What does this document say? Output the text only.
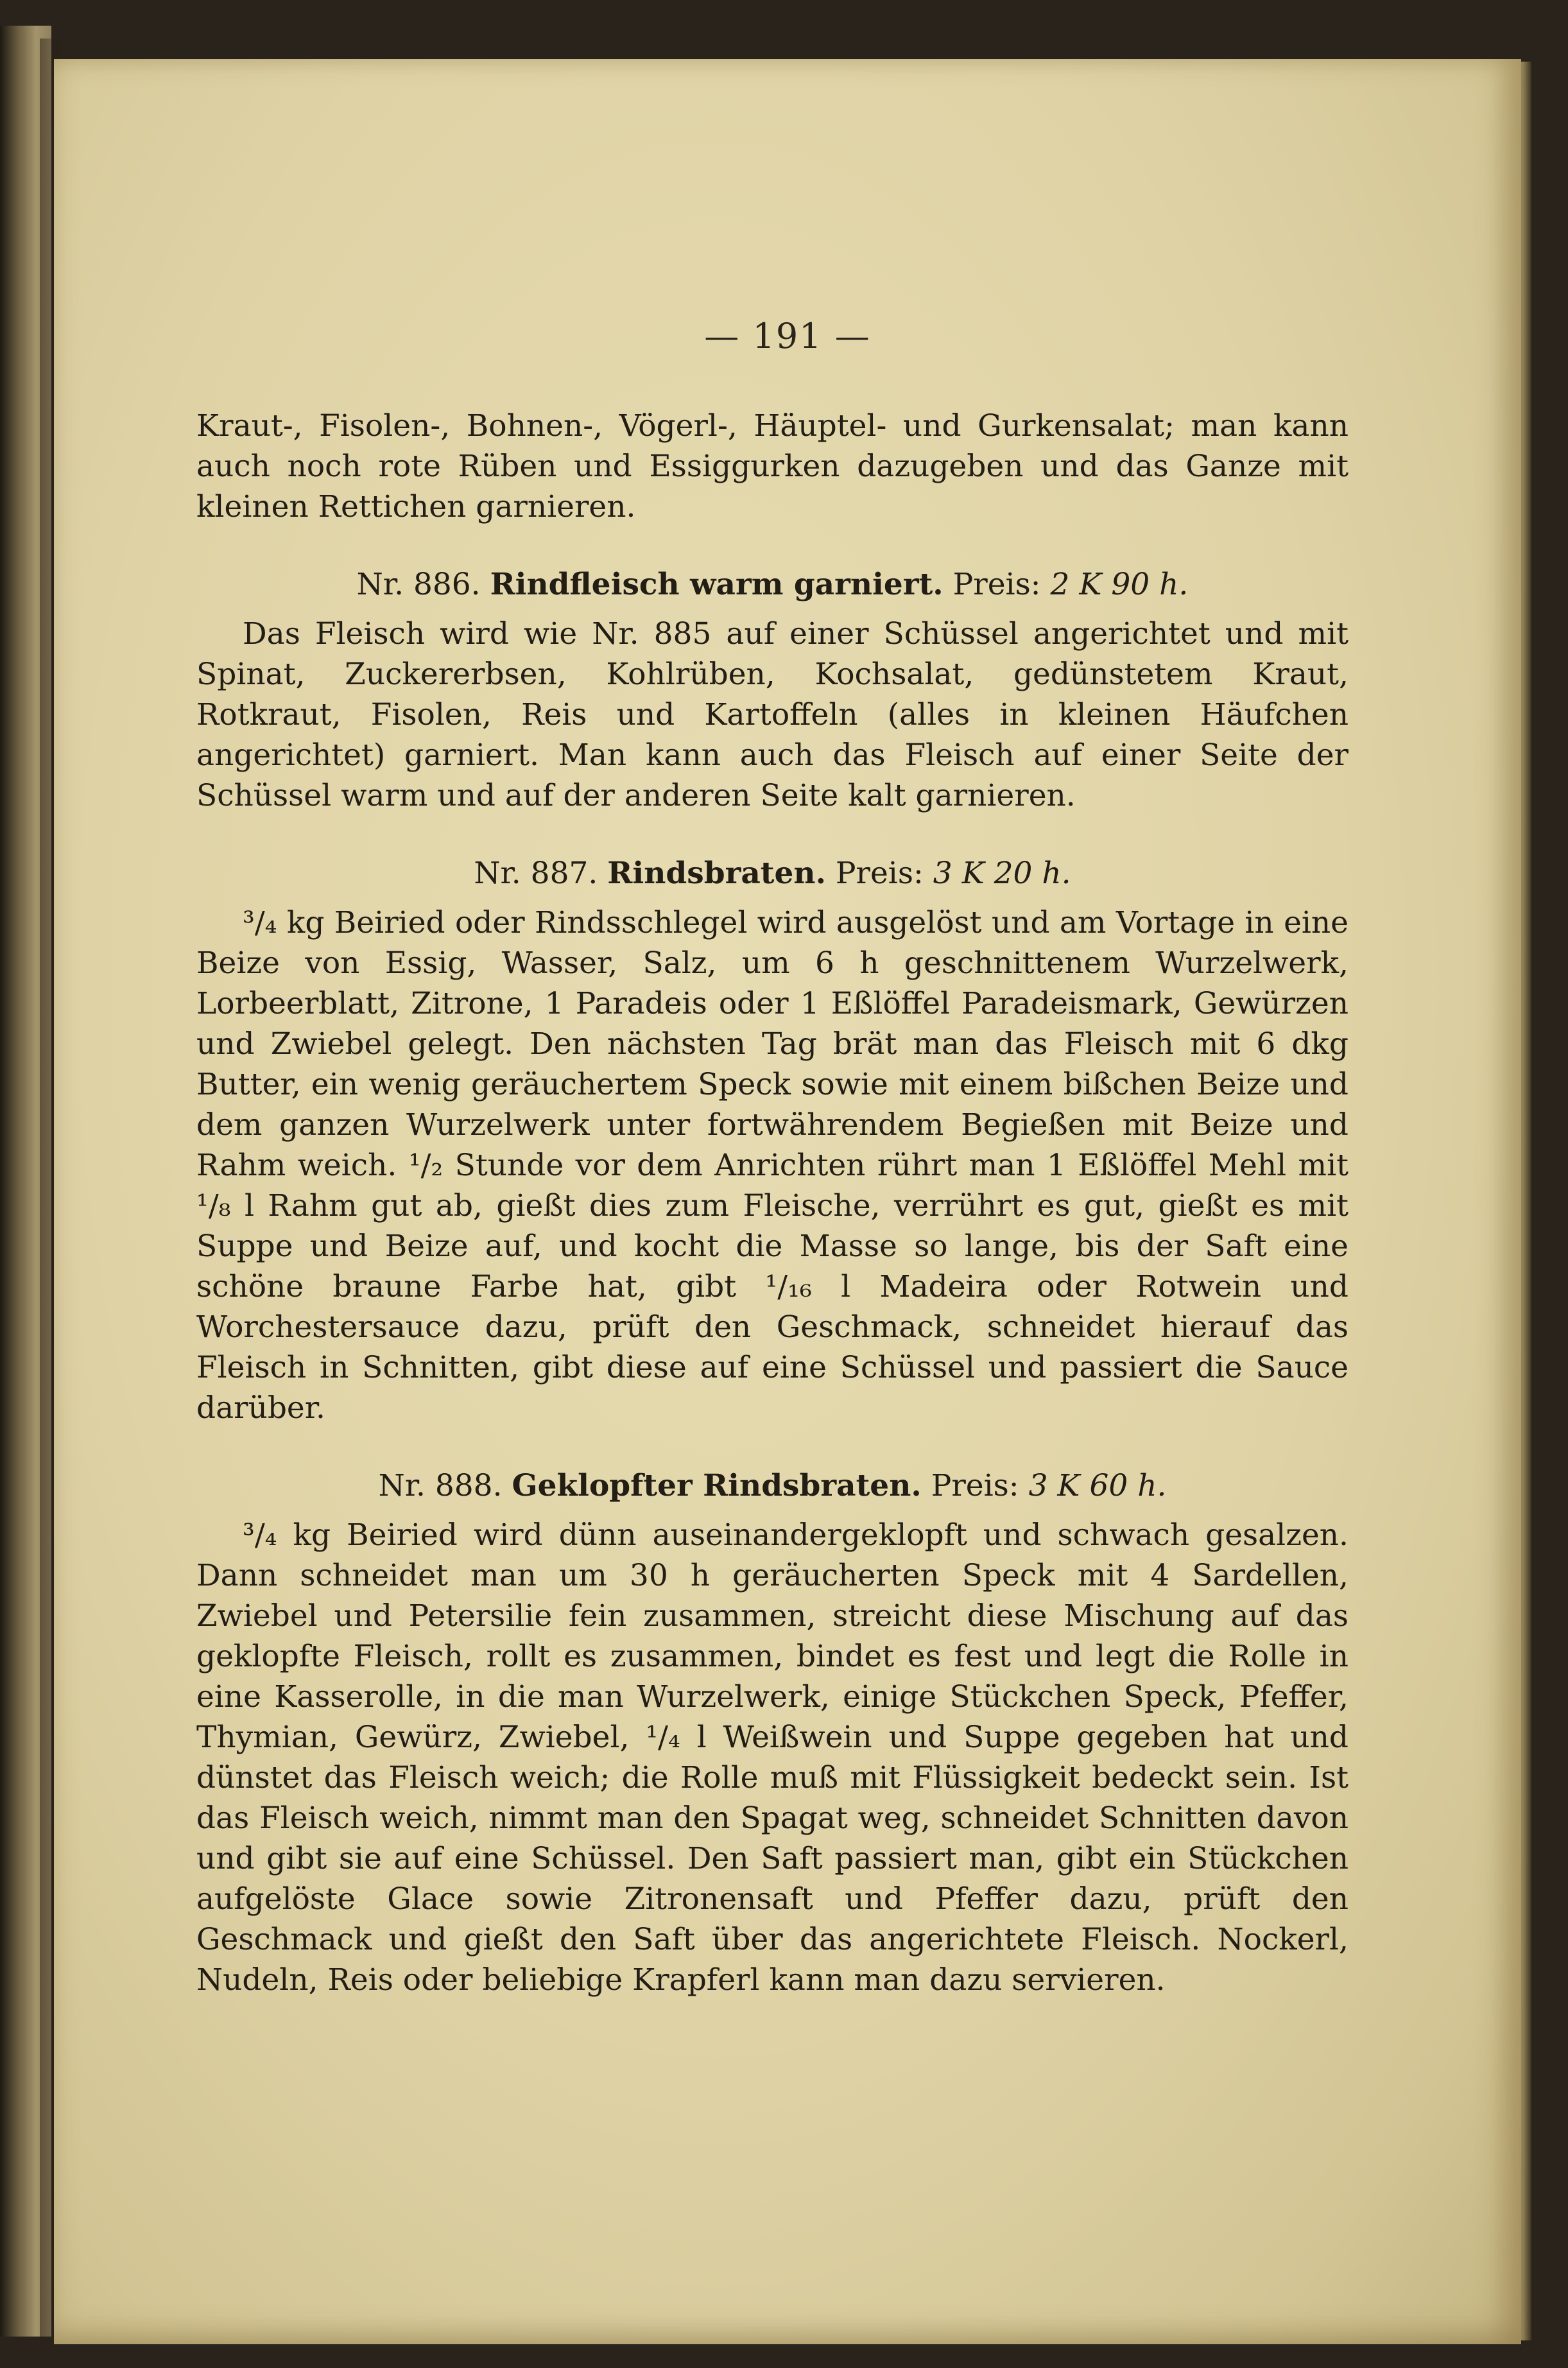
— 191 —

Kraut-, Fisolen-, Bohnen-, Vögerl-, Häuptel- und Gurkensalat; man kann auch noch rote Rüben und Essiggurken dazugeben und das Ganze mit kleinen Rettichen garnieren.

Nr. 886. Rindfleisch warm garniert. Preis: 2 K 90 h.

Das Fleisch wird wie Nr. 885 auf einer Schüssel angerichtet und mit Spinat, Zuckererbsen, Kohlrüben, Kochsalat, gedünstetem Kraut, Rotkraut, Fisolen, Reis und Kartoffeln (alles in kleinen Häufchen angerichtet) garniert. Man kann auch das Fleisch auf einer Seite der Schüssel warm und auf der anderen Seite kalt garnieren.

Nr. 887. Rindsbraten. Preis: 3 K 20 h.

³/₄ kg Beiried oder Rindsschlegel wird ausgelöst und am Vortage in eine Beize von Essig, Wasser, Salz, um 6 h geschnittenem Wurzelwerk, Lorbeerblatt, Zitrone, 1 Paradeis oder 1 Eßlöffel Paradeismark, Gewürzen und Zwiebel gelegt. Den nächsten Tag brät man das Fleisch mit 6 dkg Butter, ein wenig geräuchertem Speck sowie mit einem bißchen Beize und dem ganzen Wurzelwerk unter fortwährendem Begießen mit Beize und Rahm weich. ¹/₂ Stunde vor dem Anrichten rührt man 1 Eßlöffel Mehl mit ¹/₈ l Rahm gut ab, gießt dies zum Fleische, verrührt es gut, gießt es mit Suppe und Beize auf, und kocht die Masse so lange, bis der Saft eine schöne braune Farbe hat, gibt ¹/₁₆ l Madeira oder Rotwein und Worchestersauce dazu, prüft den Geschmack, schneidet hierauf das Fleisch in Schnitten, gibt diese auf eine Schüssel und passiert die Sauce darüber.

Nr. 888. Geklopfter Rindsbraten. Preis: 3 K 60 h.

³/₄ kg Beiried wird dünn auseinandergeklopft und schwach gesalzen. Dann schneidet man um 30 h geräucherten Speck mit 4 Sardellen, Zwiebel und Petersilie fein zusammen, streicht diese Mischung auf das geklopfte Fleisch, rollt es zusammen, bindet es fest und legt die Rolle in eine Kasserolle, in die man Wurzelwerk, einige Stückchen Speck, Pfeffer, Thymian, Gewürz, Zwiebel, ¹/₄ l Weißwein und Suppe gegeben hat und dünstet das Fleisch weich; die Rolle muß mit Flüssigkeit bedeckt sein. Ist das Fleisch weich, nimmt man den Spagat weg, schneidet Schnitten davon und gibt sie auf eine Schüssel. Den Saft passiert man, gibt ein Stückchen aufgelöste Glace sowie Zitronensaft und Pfeffer dazu, prüft den Geschmack und gießt den Saft über das angerichtete Fleisch. Nockerl, Nudeln, Reis oder beliebige Krapferl kann man dazu servieren.
